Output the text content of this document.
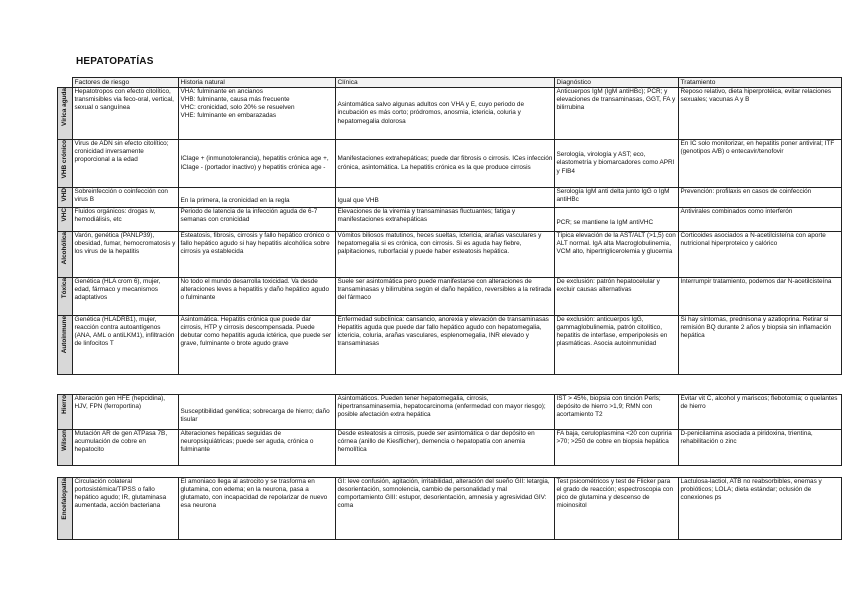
HEPATOPATÍAS
	Factores de riesgo	Historia natural	Clínica	Diagnóstico	Tratamiento

Vírica aguda	Hepatotropos con efecto citolítico, transmisibles via feco-oral, vertical, sexual o sanguínea	VHA: fulminante en ancianos
VHB: fulminante, causa más frecuente
VHC: cronicidad, solo 20% se resuelven
VHE: fulminante en embarazadas	Asintomática salvo algunas adultos con VHA y E, cuyo periodo de incubación es más corto; pródromos, anosmia, ictericia, coluria y hepatomegalia dolorosa	Anticuerpos IgM (IgM antiHBc); PCR; y elevaciones de transaminasas, GGT, FA y bilirrubina	Reposo relativo, dieta hiperprotéica, evitar relaciones sexuales; vacunas A y B

VHB crónico	Virus de ADN sin efecto citolítico; cronicidad inversamente proporcional a la edad	IClage + (inmunotolerancia), hepatitis crónica age +, IClage - (portador inactivo) y hepatitis crónica age -	Manifestaciones extrahepáticas; puede dar fibrosis o cirrosis. ICes infección crónica, asintomática. La hepatitis crónica es la que produce cirrosis	Serología, virología y AST; eco, elastometría y biomarcadores como APRI y FIB4	En IC solo monitorizar, en hepatitis poner antiviral; ITF (genotipos A/B) o entecavir/tenofovir

VHD	Sobreinfección o coinfección con virus B	En la primera, la cronicidad en la regla	Igual que VHB	Serología IgM anti delta junto IgG o IgM antiHBc	Prevención: profilaxis en casos de coinfección

VHC	Fluidos orgánicos: drogas iv, hemodiálisis, etc	Periodo de latencia de la infección aguda de 6-7 semanas con cronicidad	Elevaciones de la viremia y transaminasas fluctuantes; fatiga y manifestaciones extrahepáticas	PCR; se mantiene la IgM antiVHC	Antivirales combinados como interferón

Alcohólica	Varón, genética (PANLP39), obesidad, fumar, hemocromatosis y los virus de la hepatitis	Esteatosis, fibrosis, cirrosis y fallo hepático crónico o fallo hepático agudo si hay hepatitis alcohólica sobre cirrosis ya establecida	Vómitos biliosos matutinos, heces sueltas, ictericia, arañas vasculares y hepatomegalia si es crónica, con cirrosis. Si es aguda hay fiebre, palpitaciones, ruborfacial y puede haber esteatosis hepática.	Típica elevación de la AST/ALT (>1,5) con ALT normal. IgA alta Macroglobulinemia, VCM alto, hipertriglicerolemia y glucemia	Corticoides asociados a N-acetilcisteína con aporte nutricional hiperproteico y calórico

Tóxica	Genética (HLA crom 6), mujer, edad, fármaco y mecanismos adaptativos	No todo el mundo desarrolla toxicidad. Va desde alteraciones leves a hepatitis y daño hepático agudo o fulminante	Suele ser asintomática pero puede manifestarse con alteraciones de transaminasas y bilirrubina según el daño hepático, reversibles a la retirada del fármaco	De exclusión: patrón hepatocelular y excluir causas alternativas	Interrumpir tratamiento, podemos dar N-acetilcisteína

Autoinmune	Genética (HLADRB1), mujer, reacción contra autoantígenos (ANA, AML o antiLKM1), infiltración de linfocitos T	Asintomática. Hepatitis crónica que puede dar cirrosis, HTP y cirrosis descompensada. Puede debutar como hepatitis aguda ictérica, que puede ser grave, fulminante o brote agudo grave	Enfermedad subclínica: cansancio, anorexia y elevación de transaminasas Hepatitis aguda que puede dar fallo hepático agudo con hepatomegalia, ictericia, coluria, arañas vasculares, esplenomegalia, INR elevado y transaminasas	De exclusión: anticuerpos IgG, gammaglobulinemia, patrón citolítico, hepatitis de interfase, emperipolesis en plasmáticas. Asocia autoinmunidad	Si hay síntomas, prednisona y azatioprina. Retirar si remisión BQ durante 2 años y biopsia sin inflamación hepática
Hierro	Alteración gen HFE (hepcidina), HJV, FPN (ferroportina)	Susceptibilidad genética; sobrecarga de hierro; daño tisular	Asintomáticos. Pueden tener hepatomegalia, cirrosis, hipertransaminasemia, hepatocarcinoma (enfermedad con mayor riesgo); posible afectación extra hepática	IST > 45%, biopsia con tinción Perls; depósito de hierro >1,9; RMN con acortamiento T2	Evitar vit C, alcohol y mariscos; flebotomía; o quelantes de hierro

Wilson	Mutación AR de gen ATPasa 7B, acumulación de cobre en hepatocito	Alteraciones hepáticas seguidas de neuropsiquiátricas; puede ser aguda, crónica o fulminante	Desde esteatosis a cirrosis, puede ser asintomática o dar depósito en córnea (anillo de Kiesflicher), demencia o hepatopatía con anemia hemolítica	FA baja, ceruloplasmina <20 con cupriria >70; >250 de cobre en biopsia hepática	D-penicilamina asociada a piridoxina, trientina, rehabilitación o zinc
Encefalopatía	Circulación colateral portosistémica/TIPSS o fallo hepático agudo; IR, glutaminasa aumentada, acción bacteriana	El amoniaco llega al astrocito y se trasforma en glutamina, con edema; en la neurona, pasa a glutamato, con incapacidad de repolarizar de nuevo esa neurona	GI: leve confusión, agitación, irritabilidad, alteración del sueño GII: letargia, desorientación, somnolencia, cambio de personalidad y mal comportamiento GIII: estupor, desorientación, amnesia y agresividad GIV: coma	Test psicométricos y test de Flicker para el grado de reacción; espectroscopia con pico de glutamina y descenso de mioinositol	Lactulosa-lactiol, ATB no reabsorbibles, enemas y probióticos; LOLA; dieta estándar; oclusión de conexiones ps
